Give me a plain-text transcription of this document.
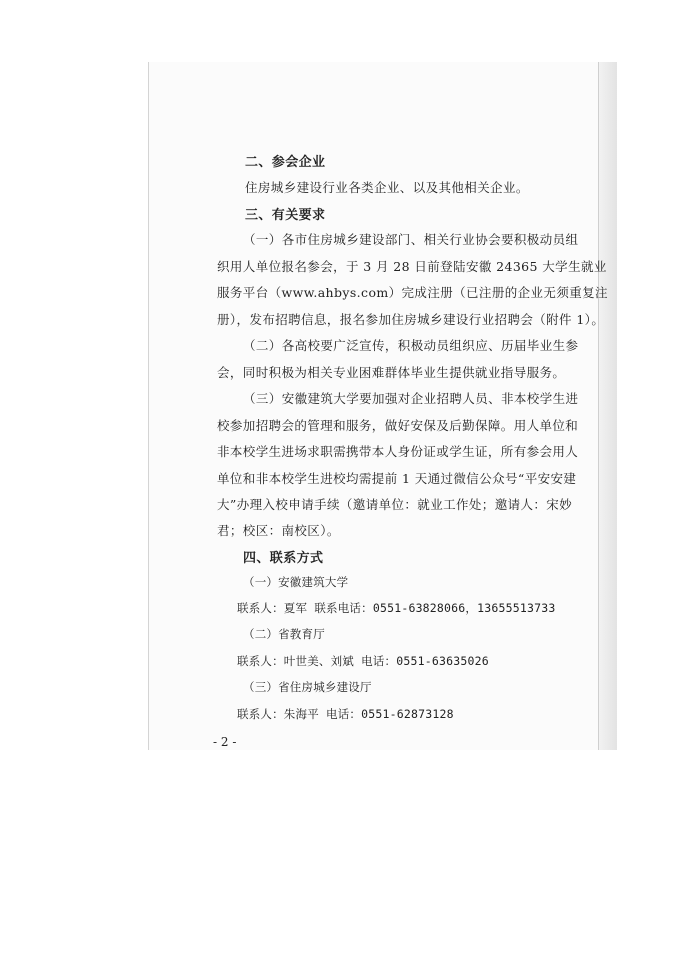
二、参会企业
住房城乡建设行业各类企业、以及其他相关企业。
三、有关要求
（一）各市住房城乡建设部门、相关行业协会要积极动员组
织用人单位报名参会，于 3 月 28 日前登陆安徽 24365 大学生就业
服务平台（www.ahbys.com）完成注册（已注册的企业无须重复注
册），发布招聘信息，报名参加住房城乡建设行业招聘会（附件 1）。
（二）各高校要广泛宣传，积极动员组织应、历届毕业生参
会，同时积极为相关专业困难群体毕业生提供就业指导服务。
（三）安徽建筑大学要加强对企业招聘人员、非本校学生进
校参加招聘会的管理和服务，做好安保及后勤保障。用人单位和
非本校学生进场求职需携带本人身份证或学生证，所有参会用人
单位和非本校学生进校均需提前 1 天通过微信公众号“平安安建
大”办理入校申请手续（邀请单位：就业工作处；邀请人：宋妙
君；校区：南校区）。
四、联系方式
（一）安徽建筑大学
联系人：夏军 联系电话：0551-63828066，13655513733
（二）省教育厅
联系人：叶世美、刘斌 电话：0551-63635026
（三）省住房城乡建设厅
联系人：朱海平 电话：0551-62873128
- 2 -
